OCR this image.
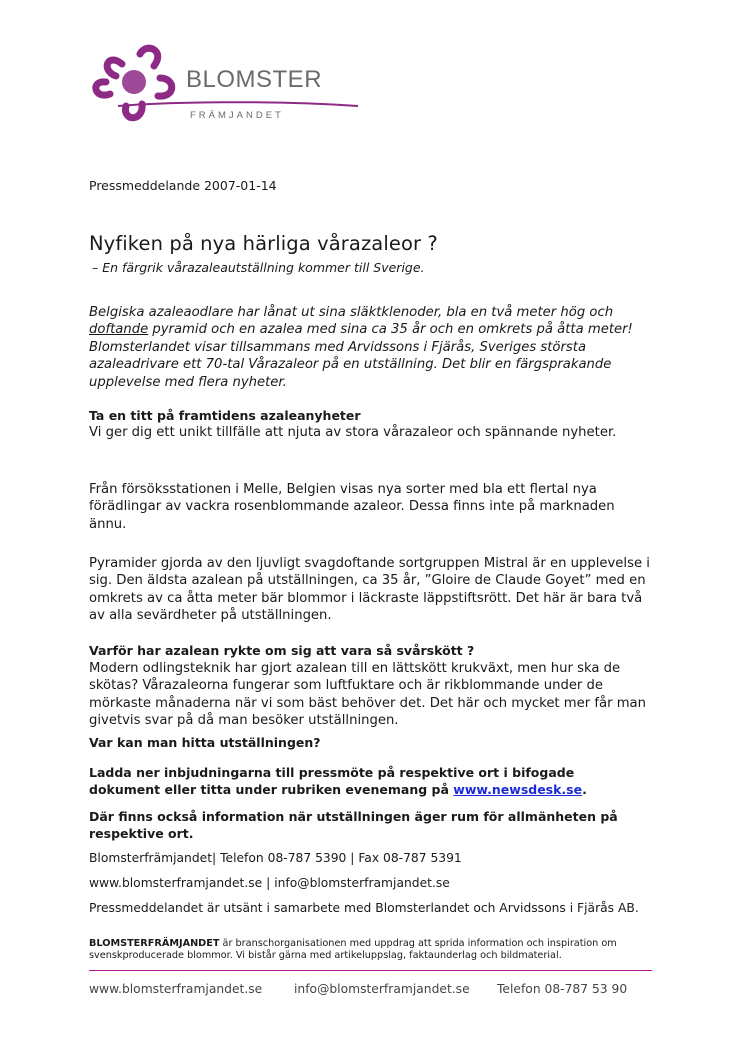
BLOMSTER
FRÄMJANDET
Pressmeddelande 2007-01-14
Nyfiken på nya härliga vårazaleor ?
– En färgrik vårazaleautställning kommer till Sverige.
Belgiska azaleaodlare har lånat ut sina släktklenoder, bla en två meter hög och doftande pyramid och en azalea med sina ca 35 år och en omkrets på åtta meter! Blomsterlandet visar tillsammans med Arvidssons i Fjärås, Sveriges största azaleadrivare ett 70-tal Vårazaleor på en utställning. Det blir en färgsprakande upplevelse med flera nyheter.
Ta en titt på framtidens azaleanyheter
Vi ger dig ett unikt tillfälle att njuta av stora vårazaleor och spännande nyheter.
Från försöksstationen i Melle, Belgien visas nya sorter med bla ett flertal nya förädlingar av vackra rosenblommande azaleor. Dessa finns inte på marknaden ännu.
Pyramider gjorda av den ljuvligt svagdoftande sortgruppen Mistral är en upplevelse i sig. Den äldsta azalean på utställningen, ca 35 år, ”Gloire de Claude Goyet” med en omkrets av ca åtta meter bär blommor i läckraste läppstiftsrött. Det här är bara två av alla sevärdheter på utställningen.
Varför har azalean rykte om sig att vara så svårskött ?
Modern odlingsteknik har gjort azalean till en lättskött krukväxt, men hur ska de skötas? Vårazaleorna fungerar som luftfuktare och är rikblommande under de mörkaste månaderna när vi som bäst behöver det. Det här och mycket mer får man givetvis svar på då man besöker utställningen.
Var kan man hitta utställningen?
Ladda ner inbjudningarna till pressmöte på respektive ort i bifogade dokument eller titta under rubriken evenemang på www.newsdesk.se.
Där finns också information när utställningen äger rum för allmänheten på respektive ort.
Blomsterfrämjandet| Telefon 08-787 5390 | Fax 08-787 5391
www.blomsterframjandet.se | info@blomsterframjandet.se
Pressmeddelandet är utsänt i samarbete med Blomsterlandet och Arvidssons i Fjärås AB.
BLOMSTERFRÄMJANDET är branschorganisationen med uppdrag att sprida information och inspiration om svenskproducerade blommor. Vi bistår gärna med artikeluppslag, faktaunderlag och bildmaterial.
www.blomsterframjandet.se	info@blomsterframjandet.se Telefon 08-787 53 90
